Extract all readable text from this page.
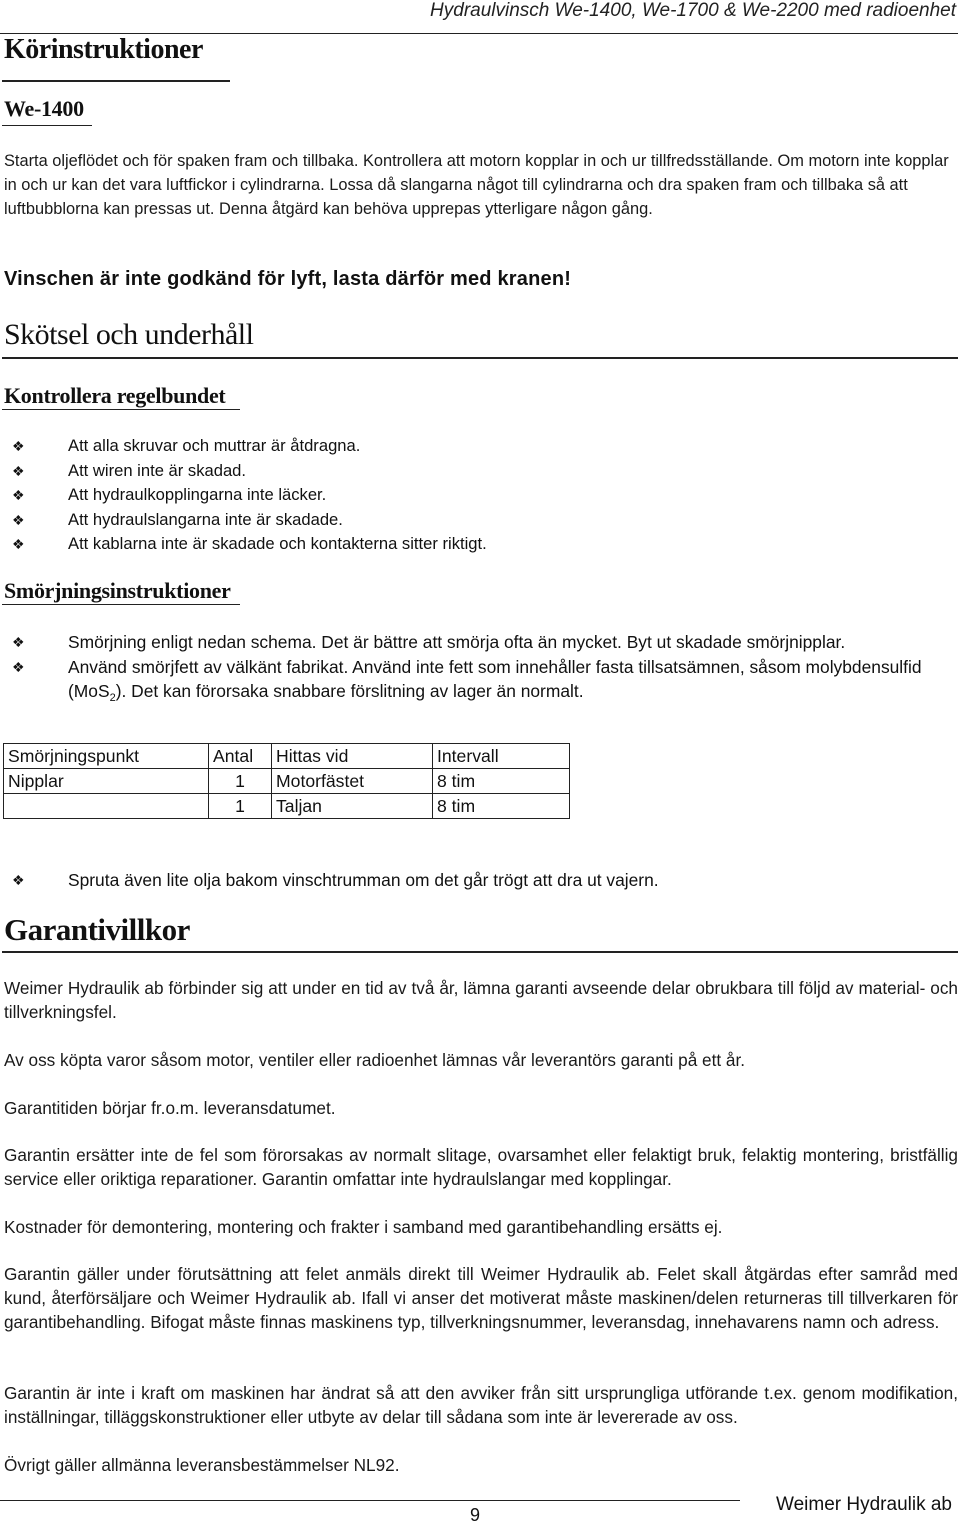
Hydraulvinsch We-1400, We-1700 & We-2200 med radioenhet
Körinstruktioner
We-1400
Starta oljeflödet och för spaken fram och tillbaka. Kontrollera att motorn kopplar in och ur tillfredsställande. Om motorn inte kopplar in och ur kan det vara luftfickor i cylindrarna. Lossa då slangarna något till cylindrarna och dra spaken fram och tillbaka så att luftbubblorna kan pressas ut. Denna åtgärd kan behöva upprepas ytterligare någon gång.
Vinschen är inte godkänd för lyft, lasta därför med kranen!
Skötsel och underhåll
Kontrollera regelbundet
❖	Att alla skruvar och muttrar är åtdragna.
❖	Att wiren inte är skadad.
❖	Att hydraulkopplingarna inte läcker.
❖	Att hydraulslangarna inte är skadade.
❖	Att kablarna inte är skadade och kontakterna sitter riktigt.
Smörjningsinstruktioner
❖ Smörjning enligt nedan schema. Det är bättre att smörja ofta än mycket. Byt ut skadade smörjnipplar.
❖ Använd smörjfett av välkänt fabrikat. Använd inte fett som innehåller fasta tillsatsämnen, såsom molybdensulfid (MoS$_2$). Det kan förorsaka snabbare förslitning av lager än normalt.
Smörjningspunkt	Antal	Hittas vid	Intervall
Nipplar	1	Motorfästet	8 tim
	1	Taljan	8 tim
❖ Spruta även lite olja bakom vinschtrumman om det går trögt att dra ut vajern.
Garantivillkor
Weimer Hydraulik ab förbinder sig att under en tid av två år, lämna garanti avseende delar obrukbara till följd av material- och tillverkningsfel.
Av oss köpta varor såsom motor, ventiler eller radioenhet lämnas vår leverantörs garanti på ett år.
Garantitiden börjar fr.o.m. leveransdatumet.
Garantin ersätter inte de fel som förorsakas av normalt slitage, ovarsamhet eller felaktigt bruk, felaktig montering, bristfällig service eller oriktiga reparationer. Garantin omfattar inte hydraulslangar med kopplingar.
Kostnader för demontering, montering och frakter i samband med garantibehandling ersätts ej.
Garantin gäller under förutsättning att felet anmäls direkt till Weimer Hydraulik ab. Felet skall åtgärdas efter samråd med kund, återförsäljare och Weimer Hydraulik ab. Ifall vi anser det motiverat måste maskinen/delen returneras till tillverkaren för garantibehandling. Bifogat måste finnas maskinens typ, tillverkningsnummer, leveransdag, innehavarens namn och adress.
Garantin är inte i kraft om maskinen har ändrat så att den avviker från sitt ursprungliga utförande t.ex. genom modifikation, inställningar, tilläggskonstruktioner eller utbyte av delar till sådana som inte är levererade av oss.
Övrigt gäller allmänna leveransbestämmelser NL92.
9	Weimer Hydraulik ab
